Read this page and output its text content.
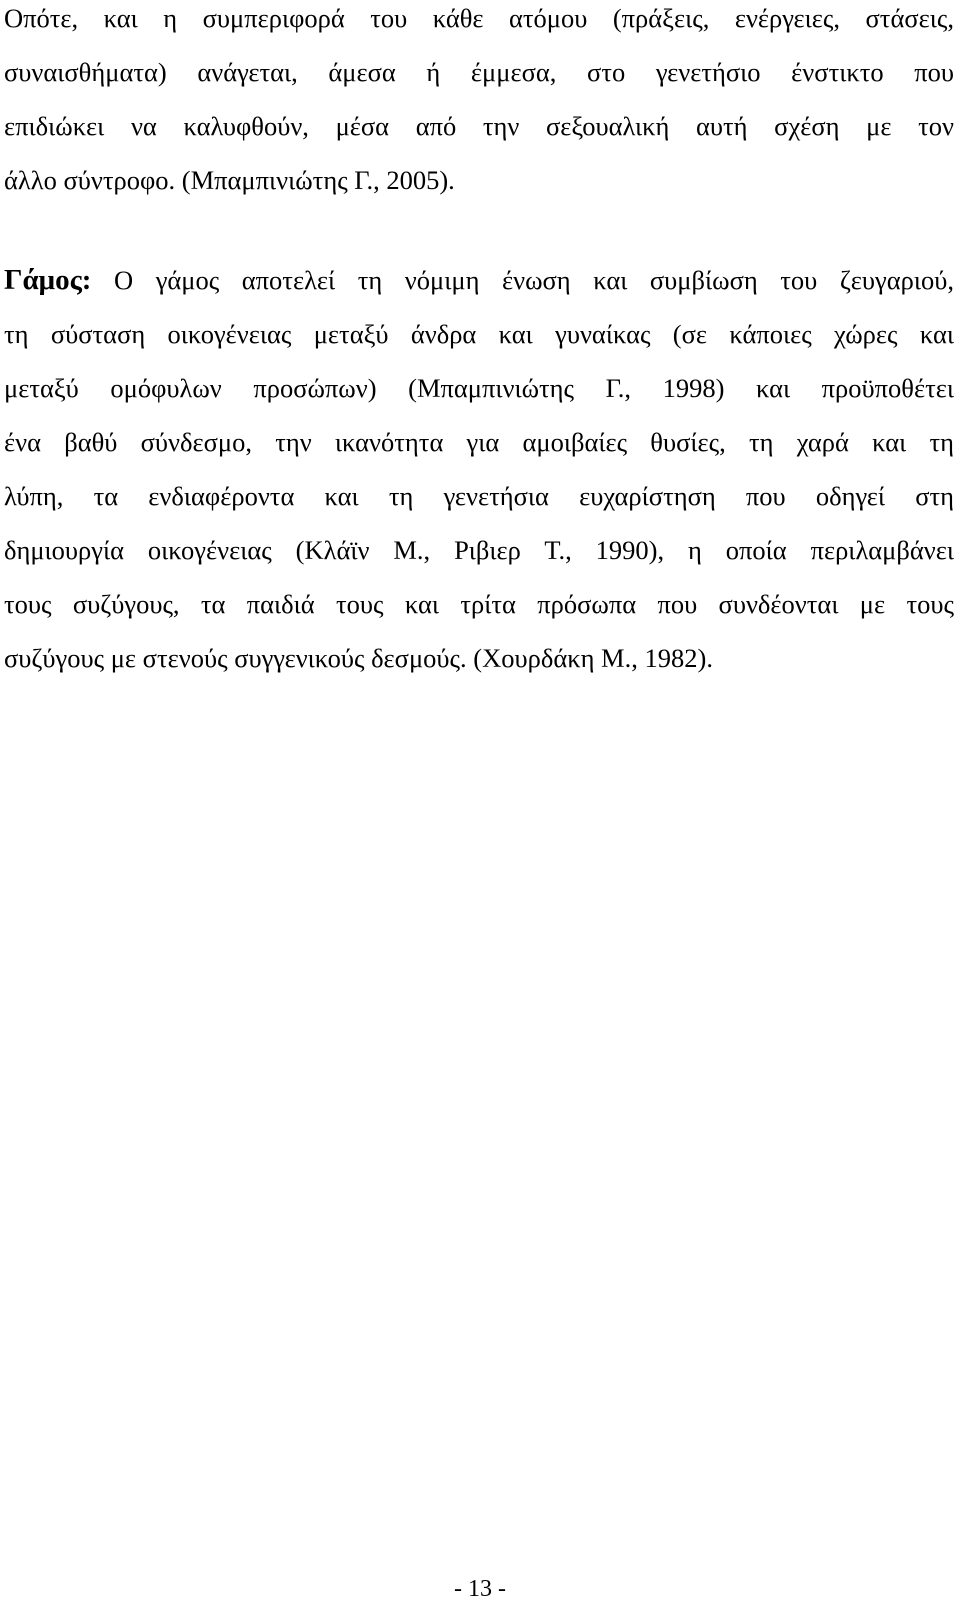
Οπότε, και η συμπεριφορά του κάθε ατόμου (πράξεις, ενέργειες, στάσεις,
συναισθήματα) ανάγεται, άμεσα ή έμμεσα, στο γενετήσιο ένστικτο που
επιδιώκει να καλυφθούν, μέσα από την σεξουαλική αυτή σχέση με τον
άλλο σύντροφο. (Μπαμπινιώτης Γ., 2005).

Γάμος: Ο γάμος αποτελεί τη νόμιμη ένωση και συμβίωση του ζευγαριού,
τη σύσταση οικογένειας μεταξύ άνδρα και γυναίκας (σε κάποιες χώρες και
μεταξύ ομόφυλων προσώπων) (Μπαμπινιώτης Γ., 1998) και προϋποθέτει
ένα βαθύ σύνδεσμο, την ικανότητα για αμοιβαίες θυσίες, τη χαρά και τη
λύπη, τα ενδιαφέροντα και τη γενετήσια ευχαρίστηση που οδηγεί στη
δημιουργία οικογένειας (Κλάϊν Μ., Ριβιερ Τ., 1990), η οποία περιλαμβάνει
τους συζύγους, τα παιδιά τους και τρίτα πρόσωπα που συνδέονται με τους
συζύγους με στενούς συγγενικούς δεσμούς. (Χουρδάκη Μ., 1982).

- 13 -
